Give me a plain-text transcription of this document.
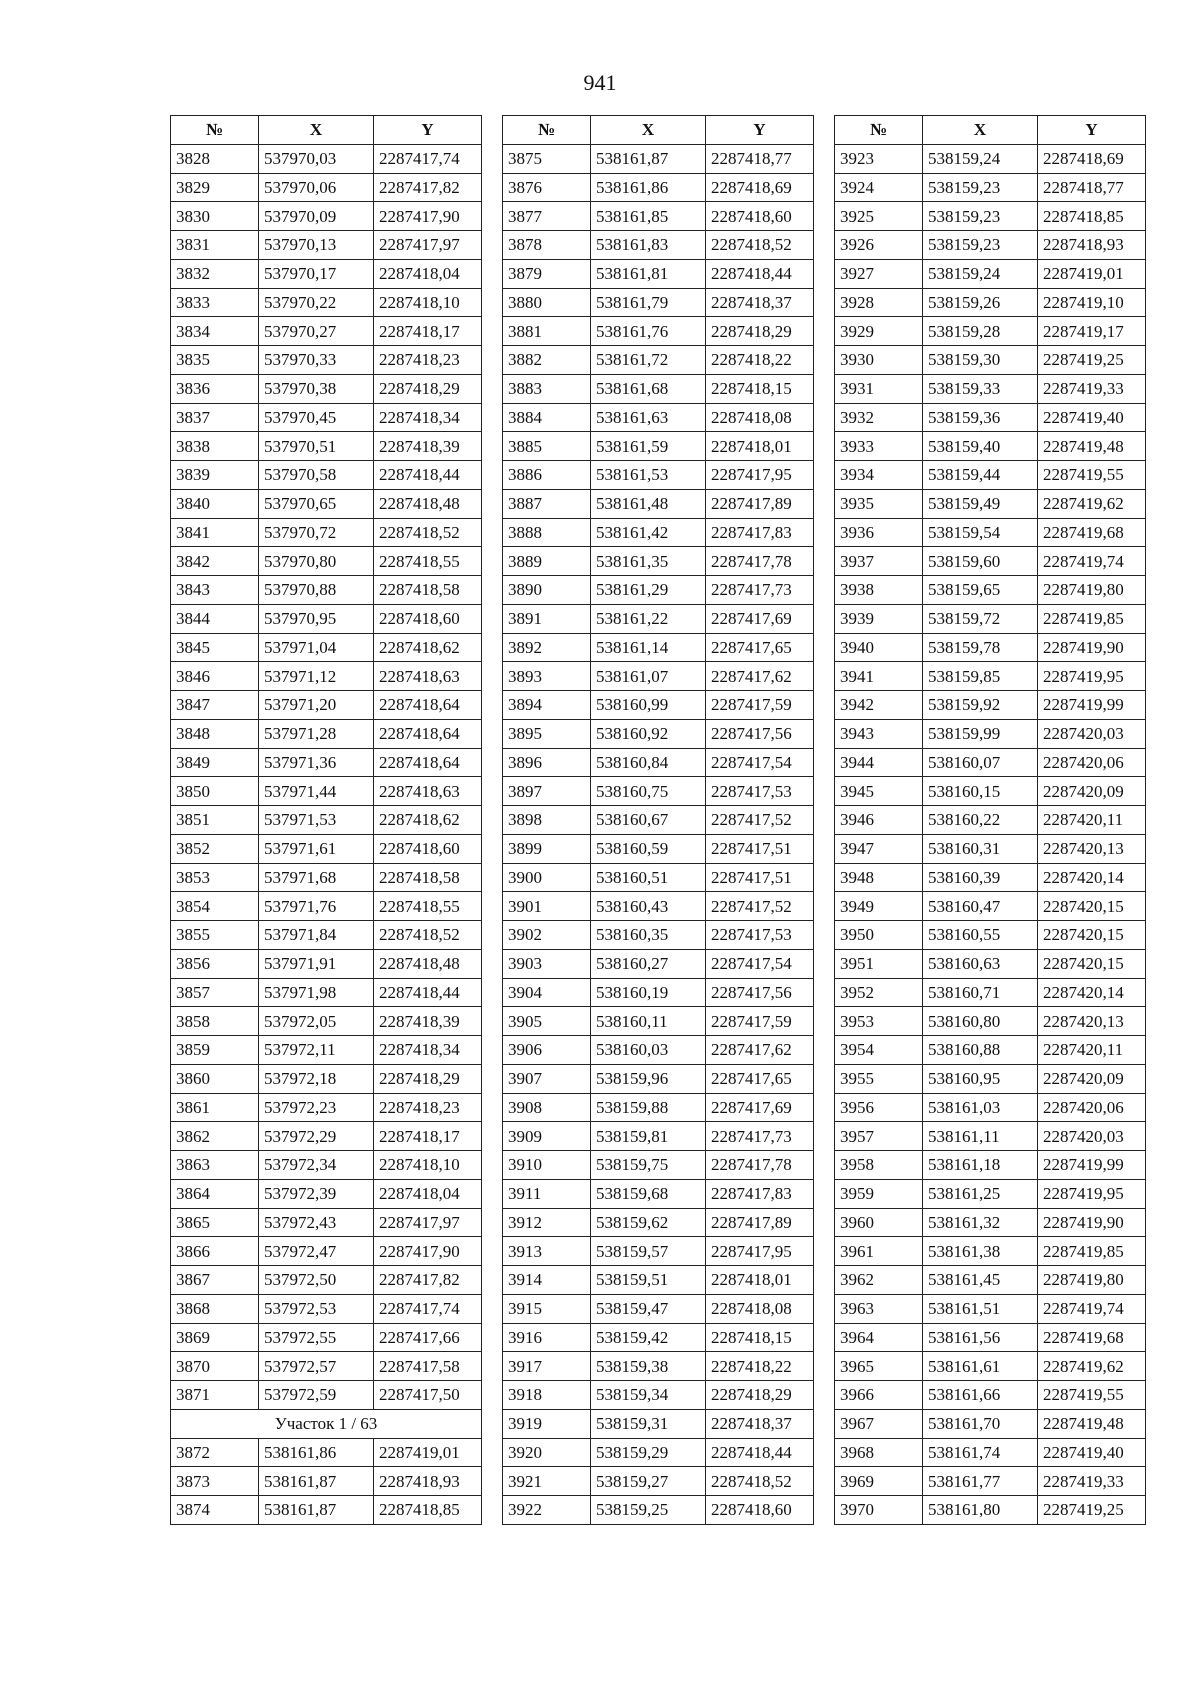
941
№	X	Y
3828	537970,03	2287417,74
3829	537970,06	2287417,82
3830	537970,09	2287417,90
3831	537970,13	2287417,97
3832	537970,17	2287418,04
3833	537970,22	2287418,10
3834	537970,27	2287418,17
3835	537970,33	2287418,23
3836	537970,38	2287418,29
3837	537970,45	2287418,34
3838	537970,51	2287418,39
3839	537970,58	2287418,44
3840	537970,65	2287418,48
3841	537970,72	2287418,52
3842	537970,80	2287418,55
3843	537970,88	2287418,58
3844	537970,95	2287418,60
3845	537971,04	2287418,62
3846	537971,12	2287418,63
3847	537971,20	2287418,64
3848	537971,28	2287418,64
3849	537971,36	2287418,64
3850	537971,44	2287418,63
3851	537971,53	2287418,62
3852	537971,61	2287418,60
3853	537971,68	2287418,58
3854	537971,76	2287418,55
3855	537971,84	2287418,52
3856	537971,91	2287418,48
3857	537971,98	2287418,44
3858	537972,05	2287418,39
3859	537972,11	2287418,34
3860	537972,18	2287418,29
3861	537972,23	2287418,23
3862	537972,29	2287418,17
3863	537972,34	2287418,10
3864	537972,39	2287418,04
3865	537972,43	2287417,97
3866	537972,47	2287417,90
3867	537972,50	2287417,82
3868	537972,53	2287417,74
3869	537972,55	2287417,66
3870	537972,57	2287417,58
3871	537972,59	2287417,50
Участок 1 / 63		
3872	538161,86	2287419,01
3873	538161,87	2287418,93
3874	538161,87	2287418,85
№	X	Y
3875	538161,87	2287418,77
3876	538161,86	2287418,69
3877	538161,85	2287418,60
3878	538161,83	2287418,52
3879	538161,81	2287418,44
3880	538161,79	2287418,37
3881	538161,76	2287418,29
3882	538161,72	2287418,22
3883	538161,68	2287418,15
3884	538161,63	2287418,08
3885	538161,59	2287418,01
3886	538161,53	2287417,95
3887	538161,48	2287417,89
3888	538161,42	2287417,83
3889	538161,35	2287417,78
3890	538161,29	2287417,73
3891	538161,22	2287417,69
3892	538161,14	2287417,65
3893	538161,07	2287417,62
3894	538160,99	2287417,59
3895	538160,92	2287417,56
3896	538160,84	2287417,54
3897	538160,75	2287417,53
3898	538160,67	2287417,52
3899	538160,59	2287417,51
3900	538160,51	2287417,51
3901	538160,43	2287417,52
3902	538160,35	2287417,53
3903	538160,27	2287417,54
3904	538160,19	2287417,56
3905	538160,11	2287417,59
3906	538160,03	2287417,62
3907	538159,96	2287417,65
3908	538159,88	2287417,69
3909	538159,81	2287417,73
3910	538159,75	2287417,78
3911	538159,68	2287417,83
3912	538159,62	2287417,89
3913	538159,57	2287417,95
3914	538159,51	2287418,01
3915	538159,47	2287418,08
3916	538159,42	2287418,15
3917	538159,38	2287418,22
3918	538159,34	2287418,29
3919	538159,31	2287418,37
3920	538159,29	2287418,44
3921	538159,27	2287418,52
3922	538159,25	2287418,60
№	X	Y
3923	538159,24	2287418,69
3924	538159,23	2287418,77
3925	538159,23	2287418,85
3926	538159,23	2287418,93
3927	538159,24	2287419,01
3928	538159,26	2287419,10
3929	538159,28	2287419,17
3930	538159,30	2287419,25
3931	538159,33	2287419,33
3932	538159,36	2287419,40
3933	538159,40	2287419,48
3934	538159,44	2287419,55
3935	538159,49	2287419,62
3936	538159,54	2287419,68
3937	538159,60	2287419,74
3938	538159,65	2287419,80
3939	538159,72	2287419,85
3940	538159,78	2287419,90
3941	538159,85	2287419,95
3942	538159,92	2287419,99
3943	538159,99	2287420,03
3944	538160,07	2287420,06
3945	538160,15	2287420,09
3946	538160,22	2287420,11
3947	538160,31	2287420,13
3948	538160,39	2287420,14
3949	538160,47	2287420,15
3950	538160,55	2287420,15
3951	538160,63	2287420,15
3952	538160,71	2287420,14
3953	538160,80	2287420,13
3954	538160,88	2287420,11
3955	538160,95	2287420,09
3956	538161,03	2287420,06
3957	538161,11	2287420,03
3958	538161,18	2287419,99
3959	538161,25	2287419,95
3960	538161,32	2287419,90
3961	538161,38	2287419,85
3962	538161,45	2287419,80
3963	538161,51	2287419,74
3964	538161,56	2287419,68
3965	538161,61	2287419,62
3966	538161,66	2287419,55
3967	538161,70	2287419,48
3968	538161,74	2287419,40
3969	538161,77	2287419,33
3970	538161,80	2287419,25
